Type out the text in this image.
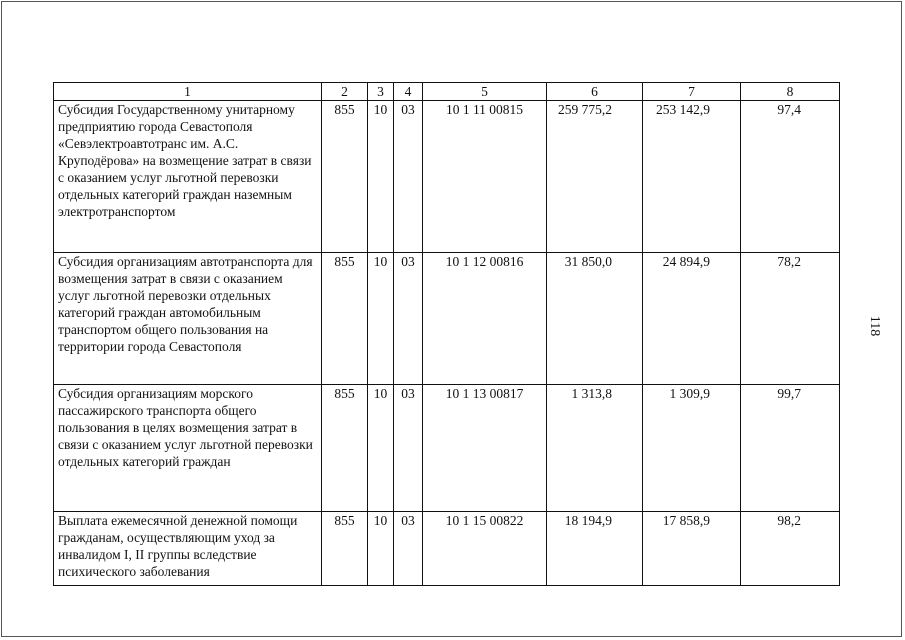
1	2	3	4	5	6	7	8
Субсидия Государственному унитарному предприятию города Севастополя «Севэлектроавтотранс им. А.С. Круподёрова» на возмещение затрат в связи с оказанием услуг льготной перевозки отдельных категорий граждан наземным электротранспортом	855	10	03	10 1 11 00815	259 775,2	253 142,9	97,4
Субсидия организациям автотранспорта для возмещения затрат в связи с оказанием услуг льготной перевозки отдельных категорий граждан автомобильным транспортом общего пользования на территории города Севастополя	855	10	03	10 1 12 00816	31 850,0	24 894,9	78,2
Субсидия организациям морского пассажирского транспорта общего пользования в целях возмещения затрат в связи с оказанием услуг льготной перевозки отдельных категорий граждан	855	10	03	10 1 13 00817	1 313,8	1 309,9	99,7
Выплата ежемесячной денежной помощи гражданам, осуществляющим уход за инвалидом I, II группы вследствие психического заболевания	855	10	03	10 1 15 00822	18 194,9	17 858,9	98,2
118
